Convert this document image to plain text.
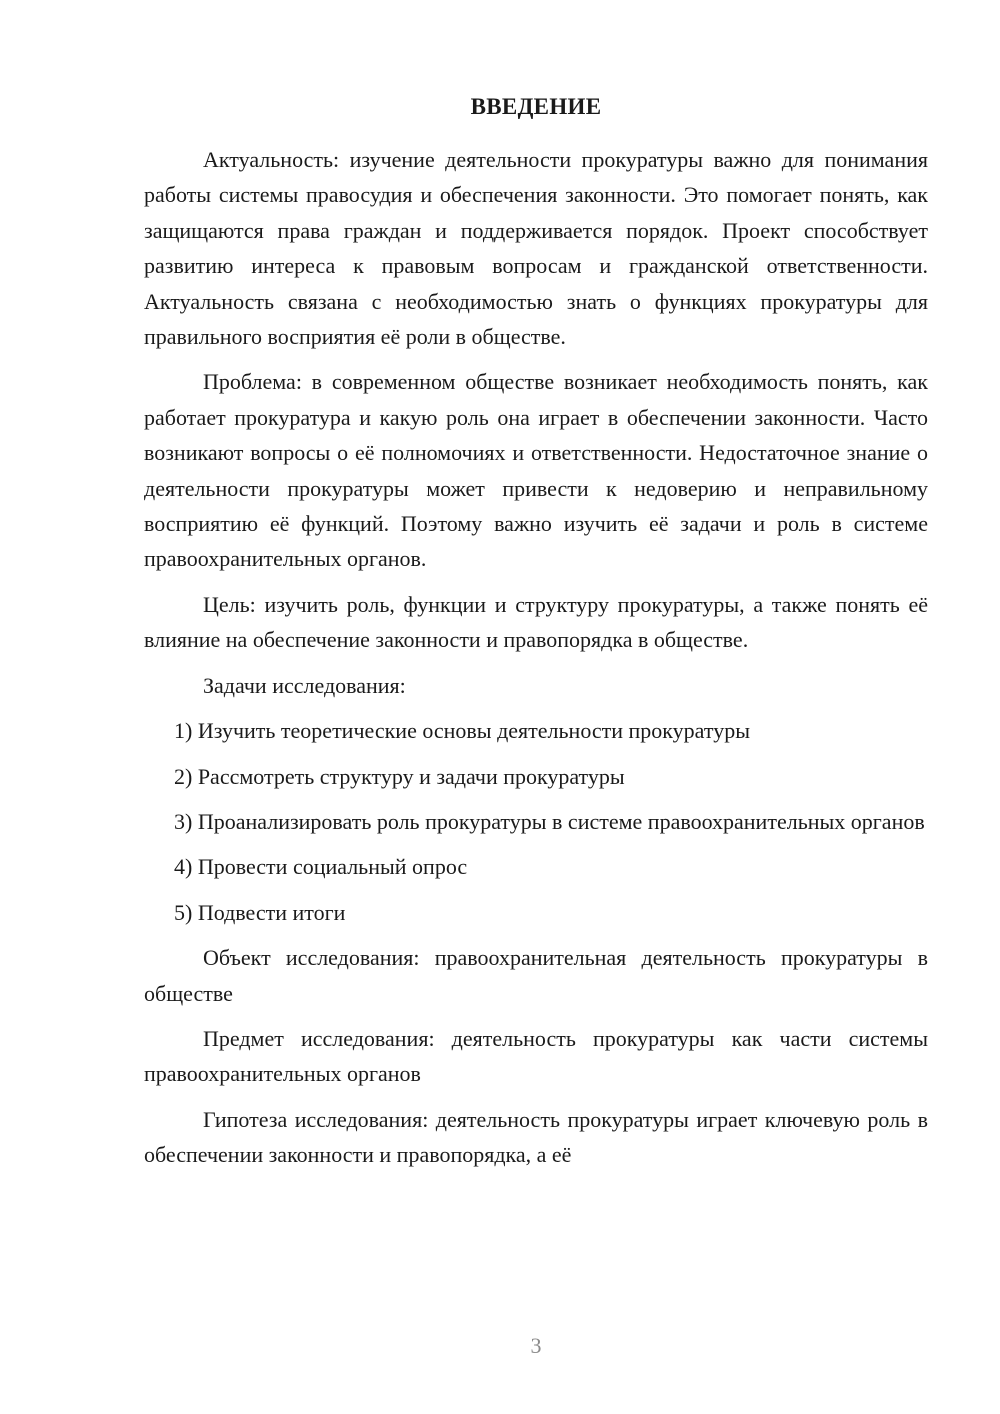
ВВЕДЕНИЕ

Актуальность: изучение деятельности прокуратуры важно для понимания работы системы правосудия и обеспечения законности. Это помогает понять, как защищаются права граждан и поддерживается порядок. Проект способствует развитию интереса к правовым вопросам и гражданской ответственности. Актуальность связана с необходимостью знать о функциях прокуратуры для правильного восприятия её роли в обществе.

Проблема: в современном обществе возникает необходимость понять, как работает прокуратура и какую роль она играет в обеспечении законности. Часто возникают вопросы о её полномочиях и ответственности. Недостаточное знание о деятельности прокуратуры может привести к недоверию и неправильному восприятию её функций. Поэтому важно изучить её задачи и роль в системе правоохранительных органов.

Цель: изучить роль, функции и структуру прокуратуры, а также понять её влияние на обеспечение законности и правопорядка в обществе.

Задачи исследования:

1) Изучить теоретические основы деятельности прокуратуры

2) Рассмотреть структуру и задачи прокуратуры

3) Проанализировать роль прокуратуры в системе правоохранительных органов

4) Провести социальный опрос

5) Подвести итоги

Объект исследования: правоохранительная деятельность прокуратуры в обществе

Предмет исследования: деятельность прокуратуры как части системы правоохранительных органов

Гипотеза исследования: деятельность прокуратуры играет ключевую роль в обеспечении законности и правопорядка, а её

3
